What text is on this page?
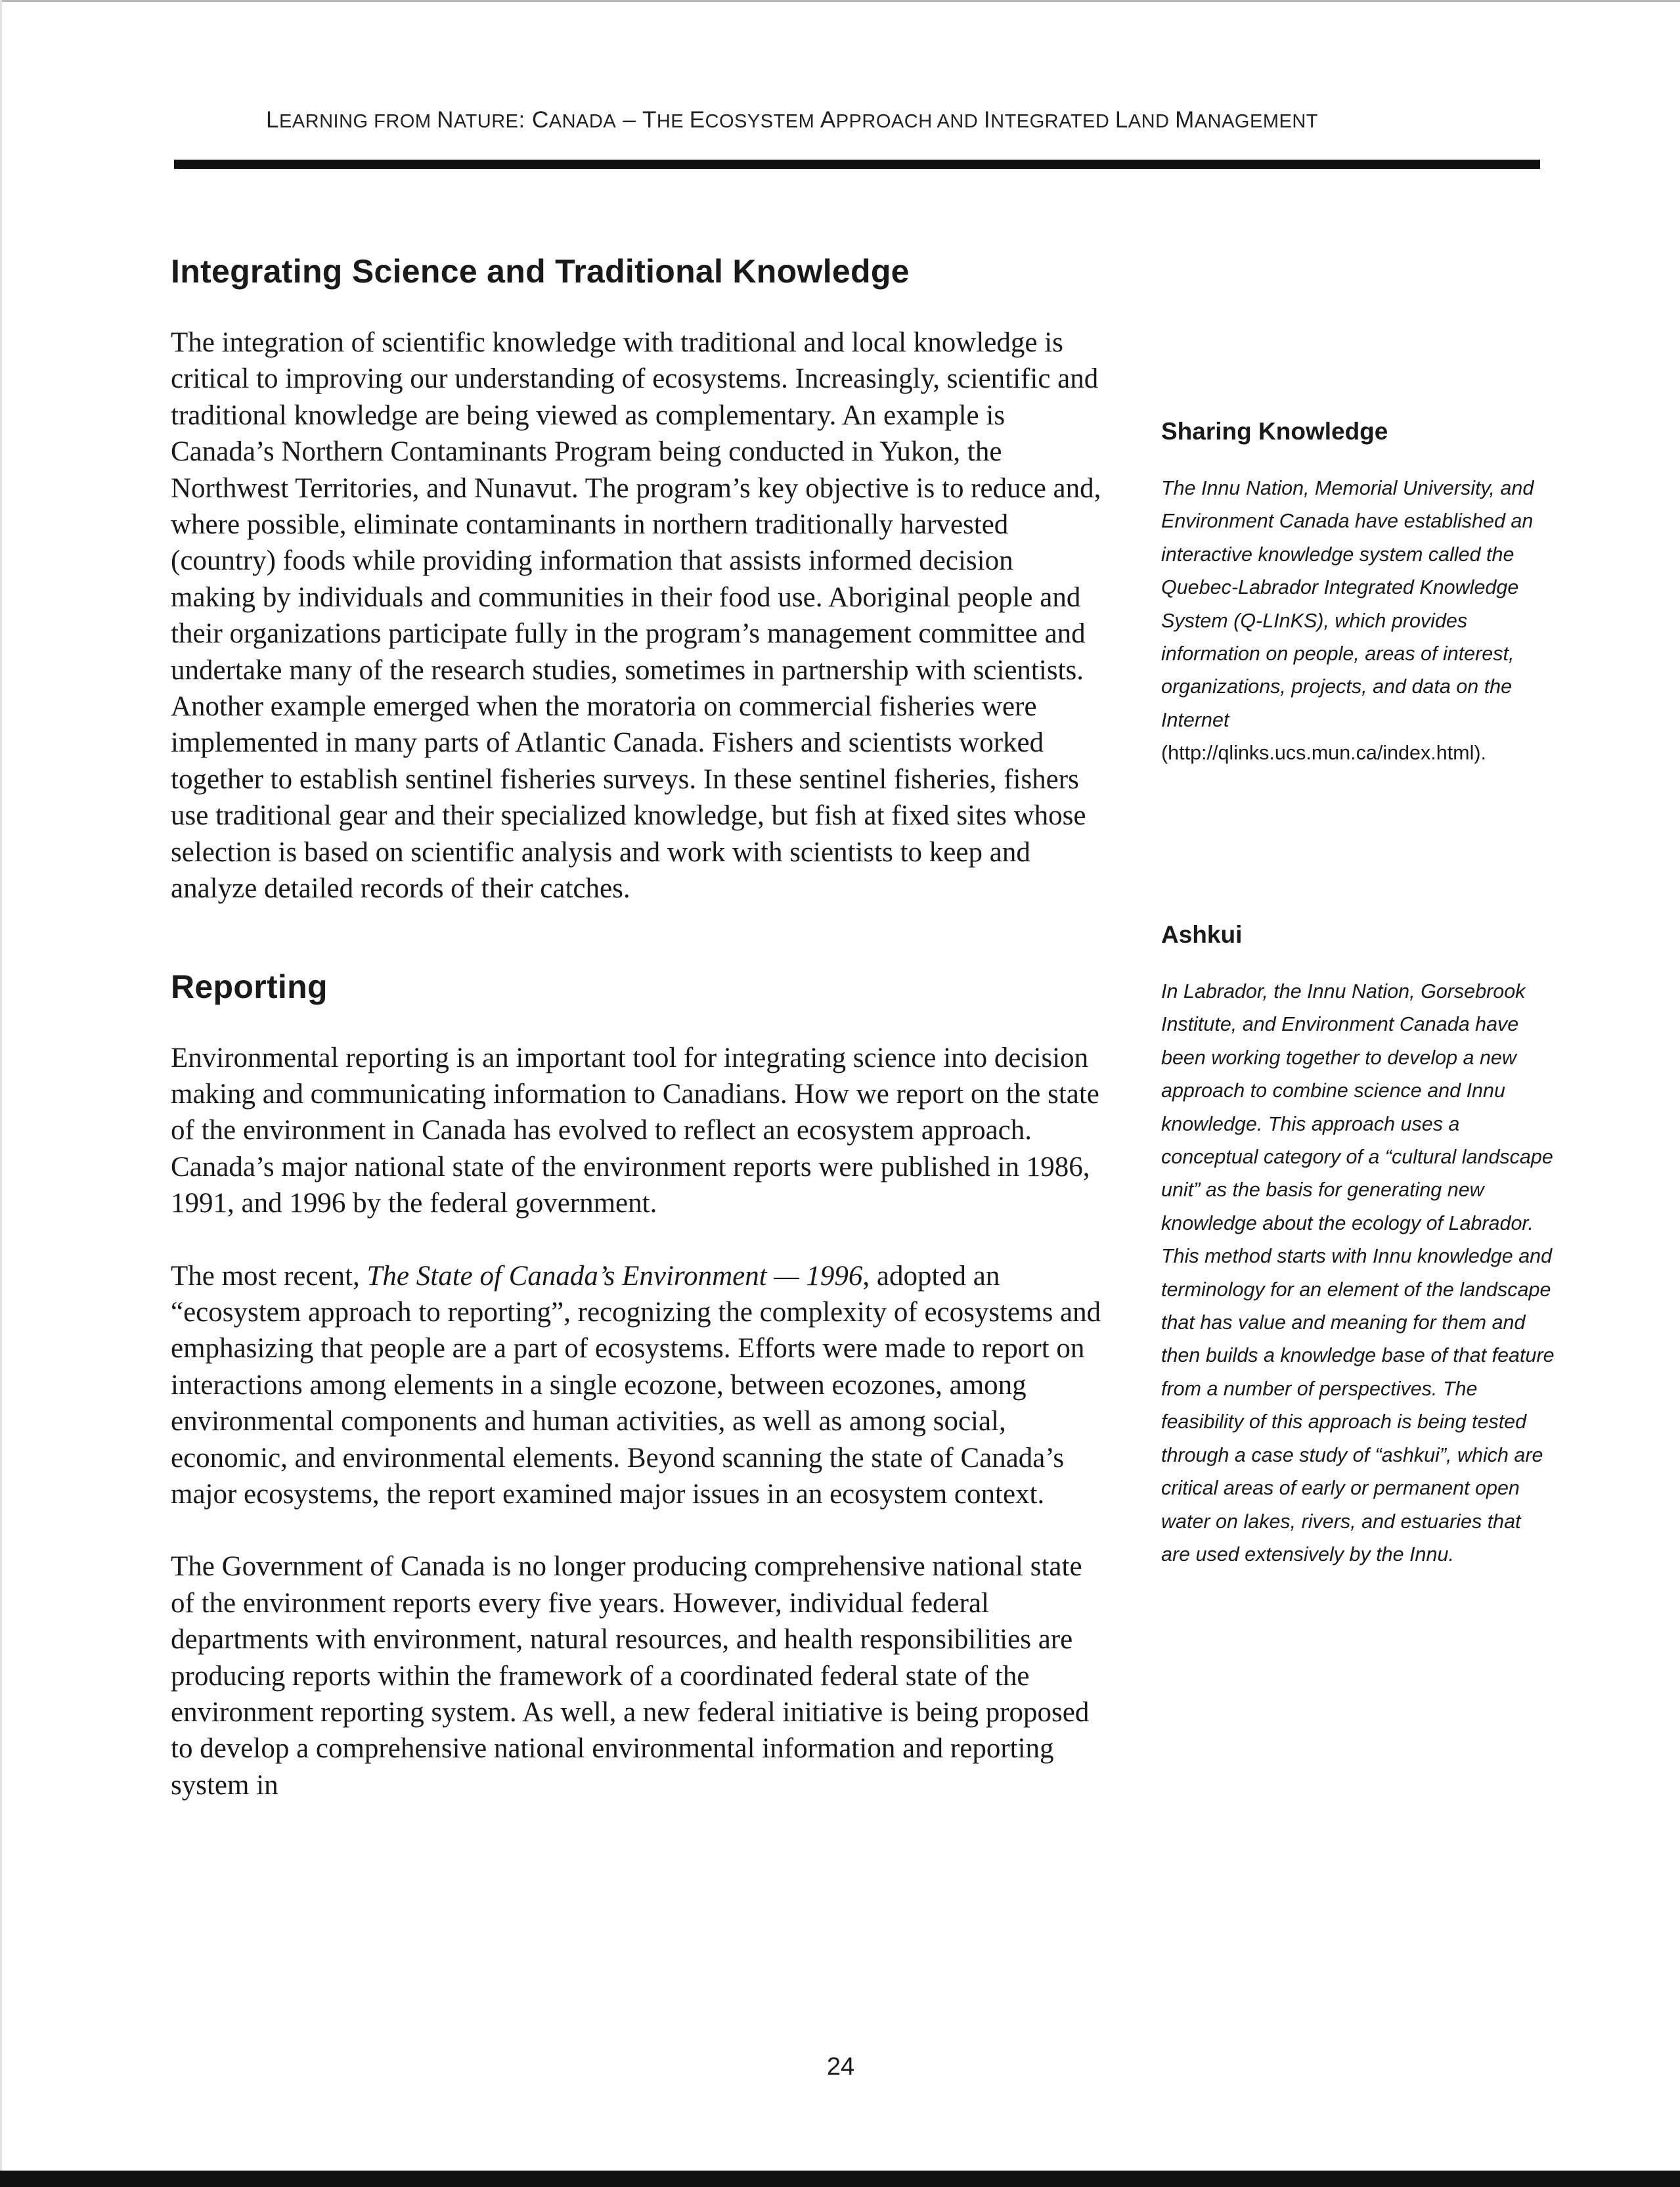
LEARNING FROM NATURE: CANADA – THE ECOSYSTEM APPROACH AND INTEGRATED LAND MANAGEMENT
Integrating Science and Traditional Knowledge

The integration of scientific knowledge with traditional and local knowledge is critical to improving our understanding of ecosystems. Increasingly, scientific and traditional knowledge are being viewed as complementary. An example is Canada’s Northern Contaminants Program being conducted in Yukon, the Northwest Territories, and Nunavut. The program’s key objective is to reduce and, where possible, eliminate contaminants in northern traditionally harvested (country) foods while providing information that assists informed decision making by individuals and communities in their food use. Aboriginal people and their organizations participate fully in the program’s management committee and undertake many of the research studies, sometimes in partnership with scientists. Another example emerged when the moratoria on commercial fisheries were implemented in many parts of Atlantic Canada. Fishers and scientists worked together to establish sentinel fisheries surveys. In these sentinel fisheries, fishers use traditional gear and their specialized knowledge, but fish at fixed sites whose selection is based on scientific analysis and work with scientists to keep and analyze detailed records of their catches.

Reporting

Environmental reporting is an important tool for integrating science into decision making and communicating information to Canadians. How we report on the state of the environment in Canada has evolved to reflect an ecosystem approach. Canada’s major national state of the environment reports were published in 1986, 1991, and 1996 by the federal government.

The most recent, The State of Canada’s Environment — 1996, adopted an “ecosystem approach to reporting”, recognizing the complexity of ecosystems and emphasizing that people are a part of ecosystems. Efforts were made to report on interactions among elements in a single ecozone, between ecozones, among environmental components and human activities, as well as among social, economic, and environmental elements. Beyond scanning the state of Canada’s major ecosystems, the report examined major issues in an ecosystem context.

The Government of Canada is no longer producing comprehensive national state of the environment reports every five years. However, individual federal departments with environment, natural resources, and health responsibilities are producing reports within the framework of a coordinated federal state of the environment reporting system. As well, a new federal initiative is being proposed to develop a comprehensive national environmental information and reporting system in

Sharing Knowledge

The Innu Nation, Memorial University, and Environment Canada have established an interactive knowledge system called the Quebec-Labrador Integrated Knowledge System (Q-LInKS), which provides information on people, areas of interest, organizations, projects, and data on the Internet
(http://qlinks.ucs.mun.ca/index.html).

Ashkui

In Labrador, the Innu Nation, Gorsebrook Institute, and Environment Canada have been working together to develop a new approach to combine science and Innu knowledge. This approach uses a conceptual category of a “cultural landscape unit” as the basis for generating new knowledge about the ecology of Labrador. This method starts with Innu knowledge and terminology for an element of the landscape that has value and meaning for them and then builds a knowledge base of that feature from a number of perspectives. The feasibility of this approach is being tested through a case study of “ashkui”, which are critical areas of early or permanent open water on lakes, rivers, and estuaries that are used extensively by the Innu.

24
